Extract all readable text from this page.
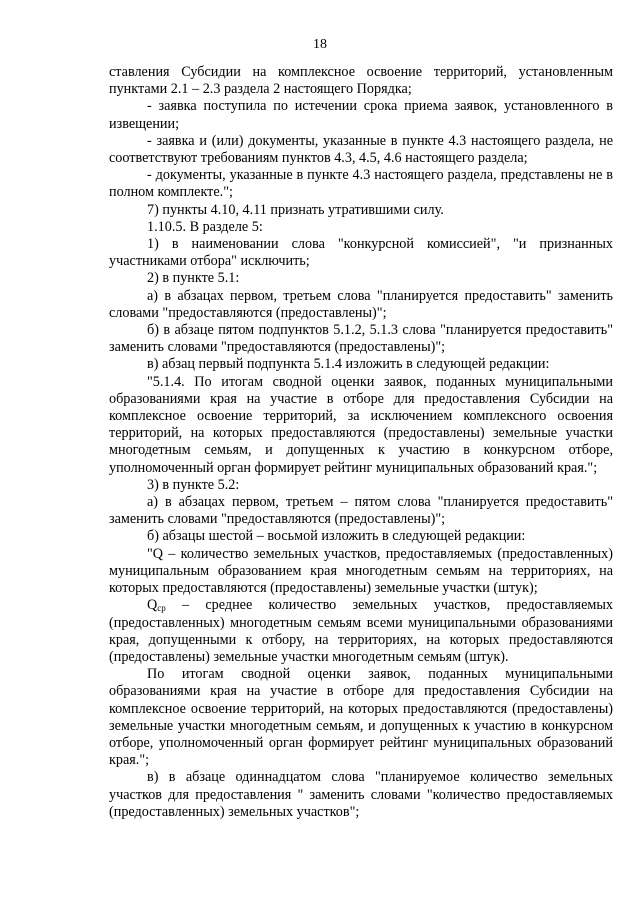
18

ставления Субсидии на комплексное освоение территорий, установленным пунктами 2.1 – 2.3 раздела 2 настоящего Порядка;

- заявка поступила по истечении срока приема заявок, установленного в извещении;

- заявка и (или) документы, указанные в пункте 4.3 настоящего раздела, не соответствуют требованиям пунктов 4.3, 4.5, 4.6 настоящего раздела;

- документы, указанные в пункте 4.3 настоящего раздела, представлены не в полном комплекте.";

7) пункты 4.10, 4.11 признать утратившими силу.

1.10.5. В разделе 5:

1) в наименовании слова "конкурсной комиссией", "и признанных участниками отбора" исключить;

2) в пункте 5.1:

а) в абзацах первом, третьем слова "планируется предоставить" заменить словами "предоставляются (предоставлены)";

б) в абзаце пятом подпунктов 5.1.2, 5.1.3 слова "планируется предоставить" заменить словами "предоставляются (предоставлены)";

в) абзац первый подпункта 5.1.4 изложить в следующей редакции:

"5.1.4. По итогам сводной оценки заявок, поданных муниципальными образованиями края на участие в отборе для предоставления Субсидии на комплексное освоение территорий, за исключением комплексного освоения территорий, на которых предоставляются (предоставлены) земельные участки многодетным семьям, и допущенных к участию в конкурсном отборе, уполномоченный орган формирует рейтинг муниципальных образований края.";

3) в пункте 5.2:

а) в абзацах первом, третьем – пятом слова "планируется предоставить" заменить словами "предоставляются (предоставлены)";

б) абзацы шестой – восьмой изложить в следующей редакции:

"Q – количество земельных участков, предоставляемых (предоставленных) муниципальным образованием края многодетным семьям на территориях, на которых предоставляются (предоставлены) земельные участки (штук);

$Q_{ср}$ – среднее количество земельных участков, предоставляемых (предоставленных) многодетным семьям всеми муниципальными образованиями края, допущенными к отбору, на территориях, на которых предоставляются (предоставлены) земельные участки многодетным семьям (штук).

По итогам сводной оценки заявок, поданных муниципальными образованиями края на участие в отборе для предоставления Субсидии на комплексное освоение территорий, на которых предоставляются (предоставлены) земельные участки многодетным семьям, и допущенных к участию в конкурсном отборе, уполномоченный орган формирует рейтинг муниципальных образований края.";

в) в абзаце одиннадцатом слова "планируемое количество земельных участков для предоставления " заменить словами "количество предоставляемых (предоставленных) земельных участков";
